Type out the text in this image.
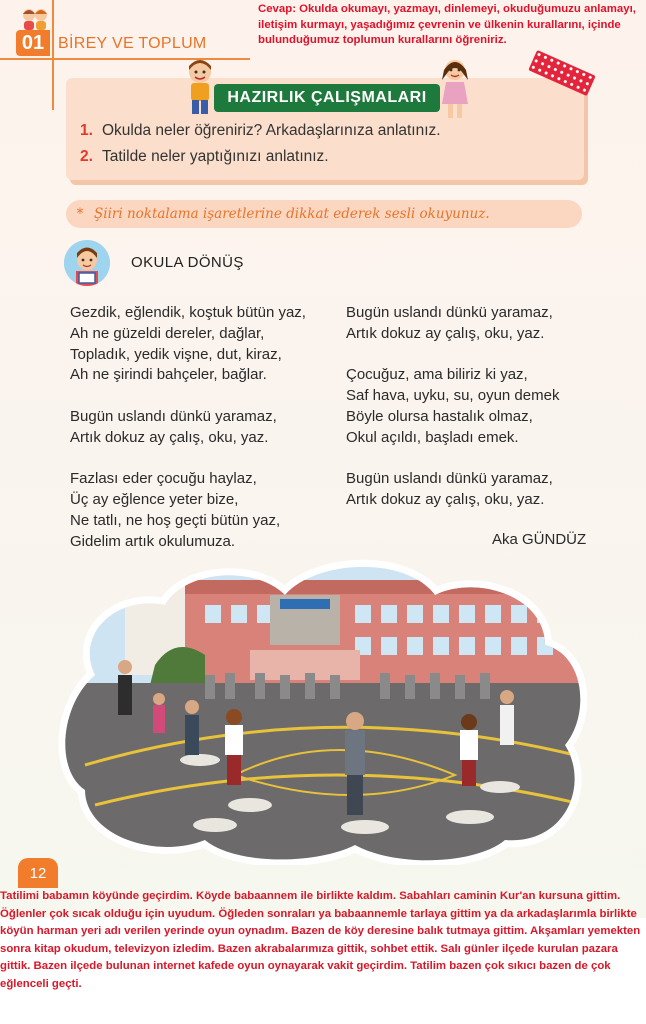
01 BİREY VE TOPLUM
Cevap: Okulda okumayı, yazmayı, dinlemeyi, okuduğumuzu anlamayı, iletişim kurmayı, yaşadığımız çevrenin ve ülkenin kurallarını, içinde bulunduğumuz toplumun kurallarını öğreniriz.
HAZIRLIK ÇALIŞMALARI
1. Okulda neler öğreniriz? Arkadaşlarınıza anlatınız.
2. Tatilde neler yaptığınızı anlatınız.
* Şiiri noktalama işaretlerine dikkat ederek sesli okuyunuz.
OKULA DÖNÜŞ
Gezdik, eğlendik, koştuk bütün yaz,
Ah ne güzeldi dereler, dağlar,
Topladık, yedik vişne, dut, kiraz,
Ah ne şirindi bahçeler, bağlar.
Bugün uslandı dünkü yaramaz,
Artık dokuz ay çalış, oku, yaz.
Fazlası eder çocuğu haylaz,
Üç ay eğlence yeter bize,
Ne tatlı, ne hoş geçti bütün yaz,
Gidelim artık okulumuza.
Bugün uslandı dünkü yaramaz,
Artık dokuz ay çalış, oku, yaz.
Çocuğuz, ama biliriz ki yaz,
Saf hava, uyku, su, oyun demek
Böyle olursa hastalık olmaz,
Okul açıldı, başladı emek.
Bugün uslandı dünkü yaramaz,
Artık dokuz ay çalış, oku, yaz.
Aka GÜNDÜZ
12
Tatilimi babamın köyünde geçirdim. Köyde babaannem ile birlikte kaldım. Sabahları caminin Kur'an kursuna gittim. Öğlenler çok sıcak olduğu için uyudum. Öğleden sonraları ya babaannemle tarlaya gittim ya da arkadaşlarımla birlikte köyün harman yeri adı verilen yerinde oyun oynadım. Bazen de köy deresine balık tutmaya gittim. Akşamları yemekten sonra kitap okudum, televizyon izledim. Bazen akrabalarımıza gittik, sohbet ettik. Salı günler ilçede kurulan pazara gittik. Bazen ilçede bulunan internet kafede oyun oynayarak vakit geçirdim. Tatilim bazen çok sıkıcı bazen de çok eğlenceli geçti.
